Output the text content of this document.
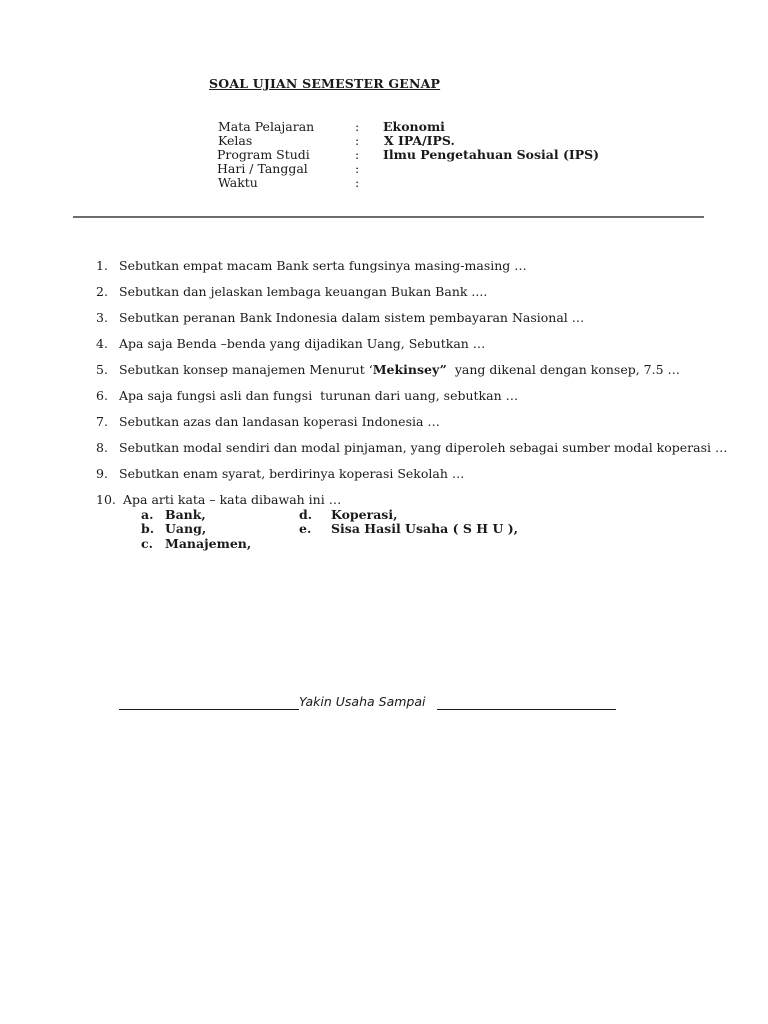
SOAL UJIAN SEMESTER GENAP
Mata Pelajaran	: Ekonomi
Kelas	: X IPA/IPS.
Program Studi	: Ilmu Pengetahuan Sosial (IPS)
Hari / Tanggal	:
Waktu	:
1. Sebutkan empat macam Bank serta fungsinya masing-masing …
2. Sebutkan dan jelaskan lembaga keuangan Bukan Bank ....
3. Sebutkan peranan Bank Indonesia dalam sistem pembayaran Nasional …
4. Apa saja Benda –benda yang dijadikan Uang, Sebutkan …
5. Sebutkan konsep manajemen Menurut ‘Mekinsey”  yang dikenal dengan konsep, 7.5 …
6. Apa saja fungsi asli dan fungsi  turunan dari uang, sebutkan …
7. Sebutkan azas dan landasan koperasi Indonesia …
8. Sebutkan modal sendiri dan modal pinjaman, yang diperoleh sebagai sumber modal koperasi …
9. Sebutkan enam syarat, berdirinya koperasi Sekolah …
10. Apa arti kata – kata dibawah ini …
a. Bank,
b. Uang,
c. Manajemen,
d. Koperasi,
e. Sisa Hasil Usaha ( S H U ),
Yakin Usaha Sampai
